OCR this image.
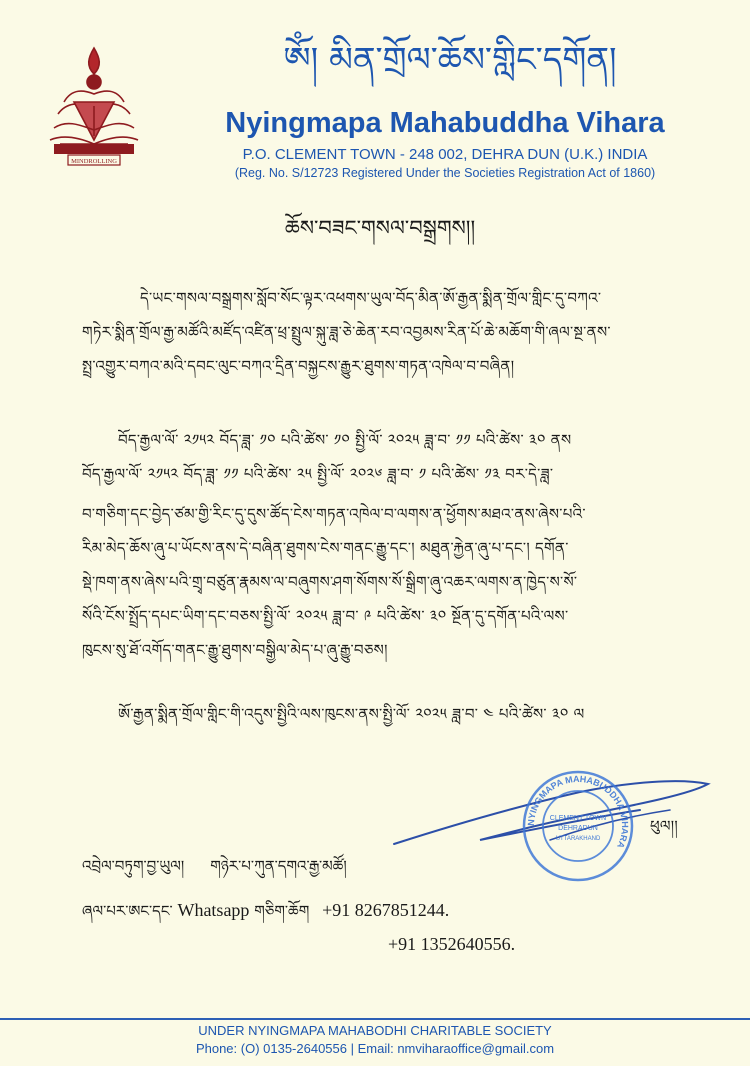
MINDROLLING
ཨོཾ། མིན་གྲོལ་ཆོས་གླིང་དགོན།
Nyingmapa Mahabuddha Vihara
P.O. CLEMENT TOWN - 248 002, DEHRA DUN (U.K.) INDIA
(Reg. No. S/12723 Registered Under the Societies Registration Act of 1860)
ཆོས་བཟང་གསལ་བསྒྲགས།།
དེ་ཡང་གསལ་བསྒྲགས་སློབ་སོང་ལྟར་འཕགས་ཡུལ་བོད་མིན་ཨོ་རྒྱན་སྨིན་གྲོལ་གླིང་དུ་བཀའ་
གཏེར་སྨིན་གྲོལ་རྒྱ་མཚོའི་མཛོད་འཛིན་ཕྲ་སྤྲུལ་སྐུ་ཟླ་ཅེ་ཆེན་རབ་འབྱམས་རིན་པོ་ཆེ་མཆོག་གི་ཞལ་སྔ་ནས་
སྤྲ་འགྱུར་བཀའ་མའི་དབང་ལུང་བཀའ་དྲིན་བསྐྱངས་རྒྱུར་ཐུགས་གཏན་འཁེལ་བ་བཞིན།
བོད་རྒྱལ་ལོ་ ༢༡༥༢ བོད་ཟླ་ ༡༠ པའི་ཚེས་ ༡༠ སྤྱི་ལོ་ ༢༠༢༥ ཟླ་བ་ ༡༡ པའི་ཚེས་ ༣༠ ནས
བོད་རྒྱལ་ལོ་ ༢༡༥༢ བོད་ཟླ་ ༡༡ པའི་ཚེས་ ༢༥ སྤྱི་ལོ་ ༢༠༢༦ ཟླ་བ་ ༡ པའི་ཚེས་ ༡༣ བར་དེ་ཟླ་
བ་གཅིག་དང་བྱེད་ཙམ་གྱི་རིང་དུ་དུས་ཚོད་ངེས་གཏན་འཁེལ་བ་ལགས་ན་ཕྱོགས་མཐའ་ནས་ཞེས་པའི་
རིམ་མེད་ཆོས་ཞུ་པ་ཡོངས་ནས་དེ་བཞིན་ཐུགས་ངེས་གནང་རྒྱུ་དང་། མཐུན་རྐྱེན་ཞུ་པ་དང་། དགོན་
སྡེ་ཁག་ནས་ཞེས་པའི་གྲྭ་བཙུན་རྣམས་ལ་བཞུགས་ཤག་སོགས་སོ་སྒྲིག་ཞུ་འཆར་ལགས་ན་ཁྱེད་ས་སོ་
སོའི་ངོས་སྤྲོད་དཔང་ཡིག་དང་བཅས་སྤྱི་ལོ་ ༢༠༢༥ ཟླ་བ་ ༩ པའི་ཚེས་ ༣༠ སྔོན་དུ་དགོན་པའི་ལས་
ཁུངས་སུ་ཐོ་འགོད་གནང་རྒྱུ་ཐུགས་བསྒྱིལ་མེད་པ་ཞུ་རྒྱུ་བཅས།
ཨོ་རྒྱན་སྨིན་གྲོལ་གླིང་གི་འདུས་སྤྱིའི་ལས་ཁུངས་ནས་སྤྱི་ལོ་ ༢༠༢༥ ཟླ་བ་ ༤ པའི་ཚེས་ ༣༠ ལ
ཕུལ།།
NYINGMAPA MAHABUDDHA VIHARA
CLEMENT TOWN
DEHRADUN
UTTARAKHAND
འབྲེལ་བཏུག་བྱ་ཡུལ། གཉེར་པ་ཀུན་དགའ་རྒྱ་མཚོ།
ཞལ་པར་ཨང་དང་ Whatsapp གཅིག་ཆོག +91 8267851244.
+91 1352640556.
UNDER NYINGMAPA MAHABODHI CHARITABLE SOCIETY
Phone: (O) 0135-2640556 | Email: nmviharaoffice@gmail.com
